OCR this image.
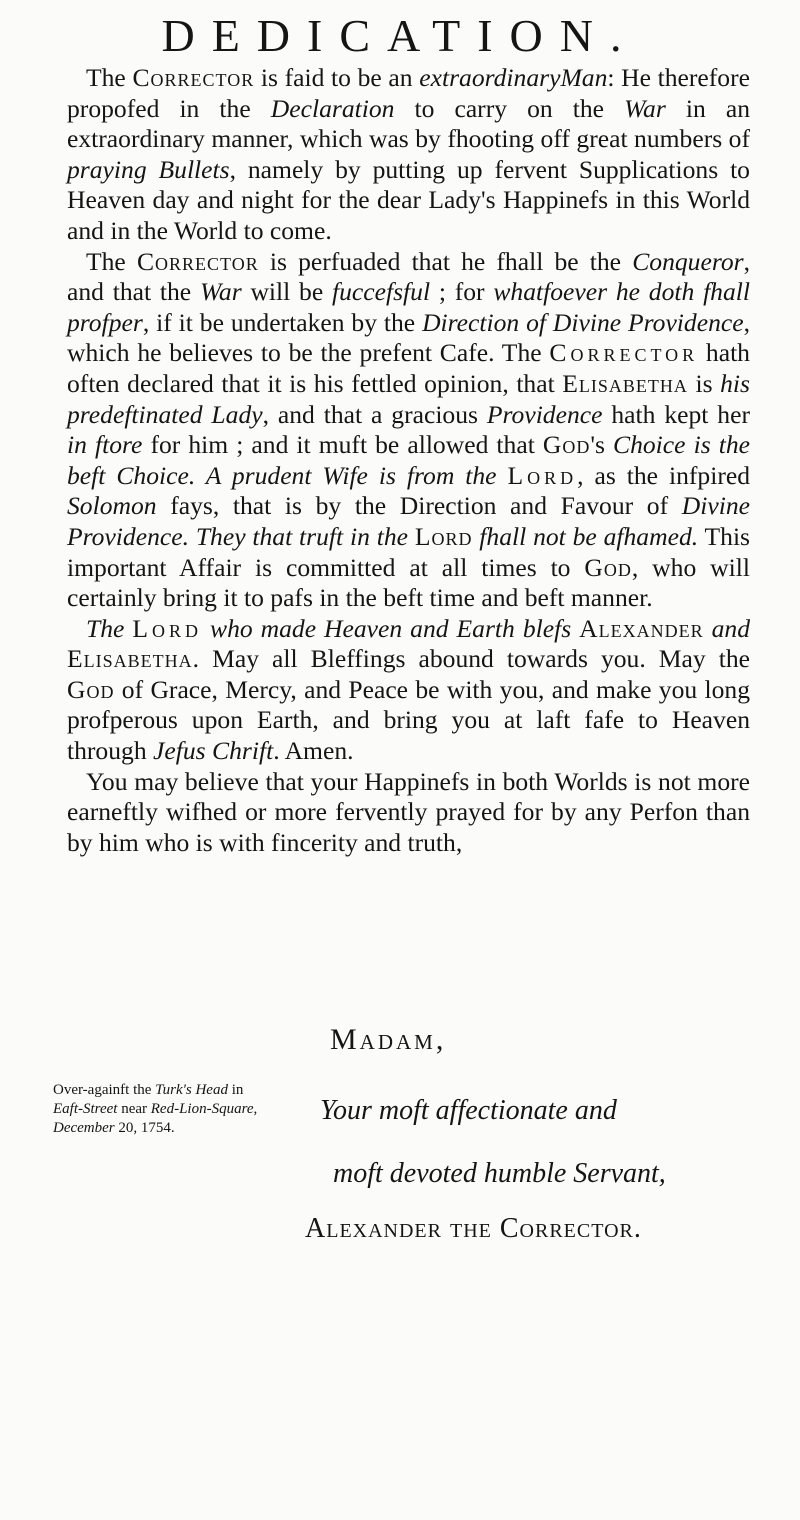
DEDICATION.

The Corrector is faid to be an extraordinaryMan: He therefore propofed in the Declaration to carry on the War in an extraordinary manner, which was by fhooting off great numbers of praying Bullets, namely by putting up fervent Supplications to Heaven day and night for the dear Lady's Happinefs in this World and in the World to come.

The Corrector is perfuaded that he fhall be the Conqueror, and that the War will be fuccefsful ; for whatfoever he doth fhall profper, if it be undertaken by the Direction of Divine Providence, which he believes to be the prefent Cafe. The Corrector hath often declared that it is his fettled opinion, that Elisabetha is his predeftinated Lady, and that a gracious Providence hath kept her in ftore for him ; and it muft be allowed that God's Choice is the beft Choice. A prudent Wife is from the Lord, as the infpired Solomon fays, that is by the Direction and Favour of Divine Providence. They that truft in the Lord fhall not be afhamed. This important Affair is committed at all times to God, who will certainly bring it to pafs in the beft time and beft manner.

The Lord who made Heaven and Earth blefs Alexander and Elisabetha. May all Bleffings abound towards you. May the God of Grace, Mercy, and Peace be with you, and make you long profperous upon Earth, and bring you at laft fafe to Heaven through Jefus Chrift. Amen.

You may believe that your Happinefs in both Worlds is not more earneftly wifhed or more fervently prayed for by any Perfon than by him who is with fincerity and truth,

Madam,
Over-againft the Turk's Head in Eaft-Street near Red-Lion-Square, December 20, 1754.
Your moft affectionate and
moft devoted humble Servant,
Alexander the Corrector.
